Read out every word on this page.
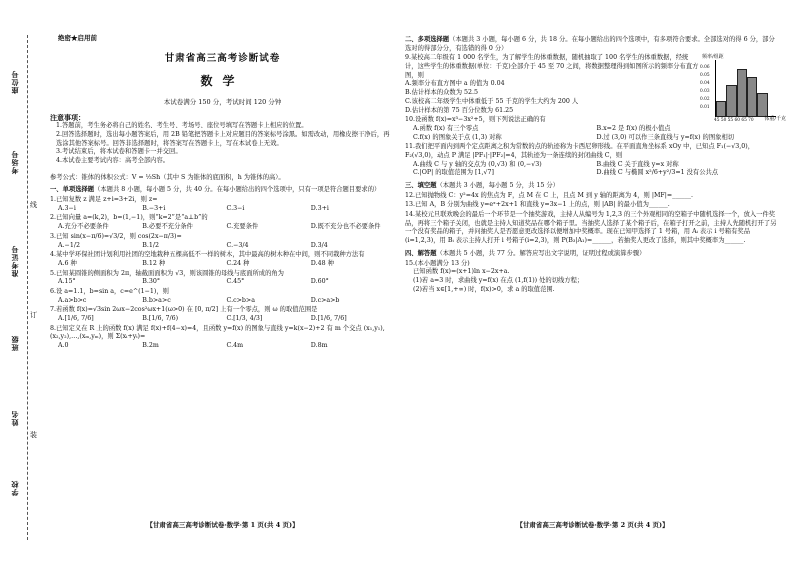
座位号
考场号
准考证号
班级
姓名
学校
线
订
装
绝密★启用前
甘肃省高三高考诊断试卷
数学
本试卷满分 150 分，考试时间 120 分钟
注意事项：
1.答题前，考生务必将自己的姓名、考生号、考场号、座位号填写在答题卡上相应的位置。
2.回答选择题时，选出每小题答案后，用 2B 铅笔把答题卡上对应题目的答案标号涂黑。如需改动，用橡皮擦干净后，再选涂其他答案标号。回答非选择题时，将答案写在答题卡上，写在本试卷上无效。
3.考试结束后，将本试卷和答题卡一并交回。
4.本试卷主要考试内容：高考全部内容。
参考公式：锥体的体积公式：V = ⅓Sh（其中 S 为锥体的底面积，h 为锥体的高）。
一、单项选择题（本题共 8 小题，每小题 5 分，共 40 分。在每小题给出的四个选项中，只有一项是符合题目要求的）
1.已知复数 z 满足 z+i=3+2i，则 z=
A.3−i	B.−3+i	C.3−i	D.3+i
2.已知向量 a=(k,2)，b=(1,−1)，则“k=2”是“a⊥b”的
A.充分不必要条件	B.必要不充分条件	C.充要条件	D.既不充分也不必要条件
3.已知 sin(x−π/6)=√3/2，则 cos(2x−π/3)=
A.−1/2	B.1/2	C.−3/4	D.3/4
4.某中学环保社团计划利用社团的空地栽种五棵高低不一样的树木，其中最高的树木种在中间，则不同栽种方法有
A.6 种	B.12 种	C.24 种	D.48 种
5.已知某圆锥的侧面积为 2π，轴截面面积为 √3，则该圆锥的母线与底面所成的角为
A.15°	B.30°	C.45°	D.60°
6.设 a=1.1，b=sin a，c=e^(1−1)，则
A.a>b>c	B.b>a>c	C.c>b>a	D.c>a>b
7.若函数 f(x)=√3sin 2ωx−2cos²ωx+1(ω>0) 在 [0, π/2] 上有一个零点，则 ω 的取值范围是
A.[1/6, 7/6]	B.[1/6, 7/6)	C.[1/3, 4/3]	D.[1/6, 7/6]
8.已知定义在 R 上的函数 f(x) 满足 f(x)+f(4−x)=4，且函数 y=f(x) 的图象与直线 y=k(x−2)+2 有 m 个交点 (x₁,y₁),(x₂,y₂),…,(xₘ,yₘ)，则 Σ(xᵢ+yᵢ)=
A.0	B.2m	C.4m	D.8m
【甘肃省高三高考诊断试卷·数学·第 1 页(共 4 页)】
二、多项选择题（本题共 3 小题，每小题 6 分，共 18 分。在每小题给出的四个选项中，有多项符合要求。全部选对的得 6 分，部分选对的得部分分，有选错的得 0 分）
频率/组距
0.06
0.05
0.04
0.03
0.02
0.01
45 50 55 60 65 70 体重/千克
9.某校高二年级有 1 000 名学生，为了解学生的体重数据，随机抽取了 100 名学生的体重数据，经统计，这些学生的体重数据(单位：千克)全部介于 45 至 70 之间，将数据整理得到如图所示的频率分布直方图，则
A.频率分布直方图中 a 的值为 0.04
B.估计样本的众数为 52.5
C.该校高二年级学生中体重低于 55 千克的学生大约为 200 人
D.估计样本的第 75 百分位数为 61.25
10.设函数 f(x)=x³−3x²+5，则下列说法正确的有
A.函数 f(x) 有三个零点	B.x=2 是 f(x) 的极小值点
C.f(x) 的图象关于点 (1,3) 对称	D.过 (3,0) 可以作三条直线与 y=f(x) 的图象相切
11.我们把平面内到两个定点距离之积为常数的点的轨迹称为卡西尼卵形线。在平面直角坐标系 xOy 中，已知点 F₁(−√3,0)，F₂(√3,0)，动点 P 满足 |PF₁|·|PF₂|=4，其轨迹为一条连续的封闭曲线 C，则
A.曲线 C 与 y 轴的交点为 (0,√3) 和 (0,−√3)	B.曲线 C 关于直线 y=x 对称
C.|OP| 的取值范围为 [1,√7]	D.曲线 C 与椭圆 x²/6+y²/3=1 没有公共点
三、填空题（本题共 3 小题，每小题 5 分，共 15 分）
12.已知抛物线 C：y²=4x 的焦点为 F，点 M 在 C 上，且点 M 到 y 轴的距离为 4，则 |MF|=______.
13.已知 A，B 分别为曲线 y=eˣ+2x+1 和直线 y=3x−1 上的点，则 |AB| 的最小值为______.
14.某校元旦联欢晚会的最后一个环节是一个抽奖游戏，主持人从编号为 1,2,3 的三个外观相同的空箱子中随机选择一个，放入一件奖品，再将三个箱子关闭，也就是主持人知道奖品在哪个箱子里。当抽奖人选择了某个箱子后，在箱子打开之前，主持人先随机打开了另一个没有奖品的箱子，并问抽奖人是否愿意更改选择以便增加中奖概率。现在已知甲选择了 1 号箱，用 Aᵢ 表示 i 号箱有奖品(i=1,2,3)，用 Bᵢ 表示主持人打开 i 号箱子(i=2,3)，则 P(B₃|A₁)=______，若抽奖人更改了选择，则其中奖概率为______.
四、解答题（本题共 5 小题，共 77 分。解答应写出文字说明，证明过程或演算步骤）
15.(本小题满分 13 分)
已知函数 f(x)=(x+1)ln x−2x+a.
(1)若 a=3 时，求曲线 y=f(x) 在点 (1,f(1)) 处的切线方程；
(2)若当 x∈[1,+∞) 时，f(x)>0，求 a 的取值范围.
【甘肃省高三高考诊断试卷·数学·第 2 页(共 4 页)】
